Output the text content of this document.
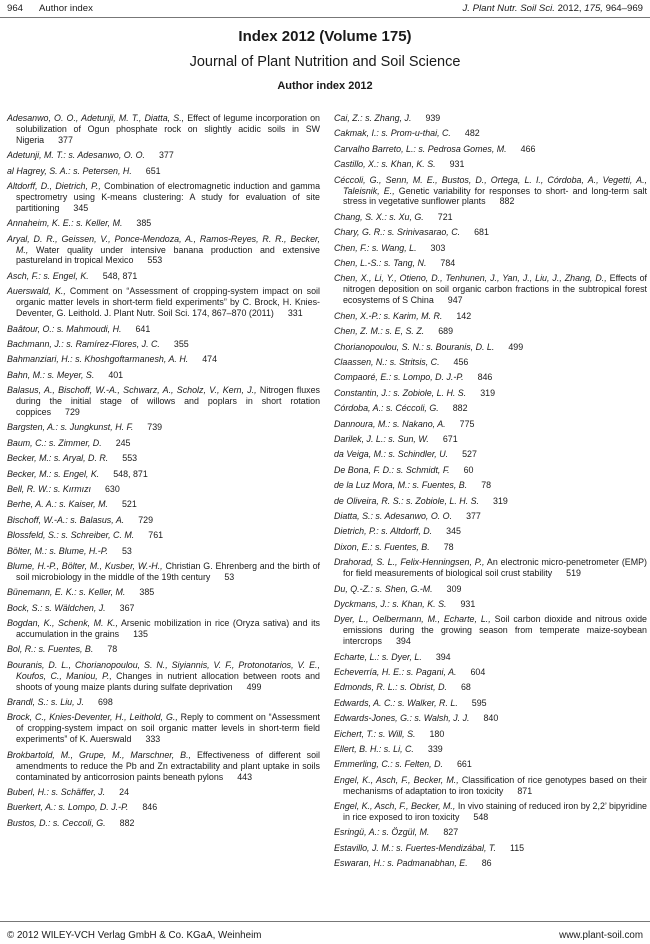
964 Author index	J. Plant Nutr. Soil Sci. 2012, 175, 964–969
Index 2012 (Volume 175)
Journal of Plant Nutrition and Soil Science
Author index 2012
Adesanwo, O. O., Adetunji, M. T., Diatta, S., Effect of legume incorporation on solubilization of Ogun phosphate rock on slightly acidic soils in SW Nigeria 377
Adetunji, M. T.: s. Adesanwo, O. O. 377
al Hagrey, S. A.: s. Petersen, H. 651
Altdorff, D., Dietrich, P., Combination of electromagnetic induction and gamma spectrometry using K-means clustering: A study for evaluation of site partitioning 345
Annaheim, K. E.: s. Keller, M. 385
Aryal, D. R., Geissen, V., Ponce-Mendoza, A., Ramos-Reyes, R. R., Becker, M., Water quality under intensive banana production and extensive pastureland in tropical Mexico 553
Asch, F.: s. Engel, K. 548, 871
Auerswald, K., Comment on “Assessment of cropping-system impact on soil organic matter levels in short-term field experiments” by C. Brock, H. Knies-Deventer, G. Leithold. J. Plant Nutr. Soil Sci. 174, 867–870 (2011) 331
Baâtour, O.: s. Mahmoudi, H. 641
Bachmann, J.: s. Ramírez-Flores, J. C. 355
Bahmanziari, H.: s. Khoshgoftarmanesh, A. H. 474
Bahn, M.: s. Meyer, S. 401
Balasus, A., Bischoff, W.-A., Schwarz, A., Scholz, V., Kern, J., Nitrogen fluxes during the initial stage of willows and poplars in short rotation coppices 729
Bargsten, A.: s. Jungkunst, H. F. 739
Baum, C.: s. Zimmer, D. 245
Becker, M.: s. Aryal, D. R. 553
Becker, M.: s. Engel, K. 548, 871
Bell, R. W.: s. Kırmızı 630
Berhe, A. A.: s. Kaiser, M. 521
Bischoff, W.-A.: s. Balasus, A. 729
Blossfeld, S.: s. Schreiber, C. M. 761
Bölter, M.: s. Blume, H.-P. 53
Blume, H.-P., Bölter, M., Kusber, W.-H., Christian G. Ehrenberg and the birth of soil microbiology in the middle of the 19th century 53
Bünemann, E. K.: s. Keller, M. 385
Bock, S.: s. Wäldchen, J. 367
Bogdan, K., Schenk, M. K., Arsenic mobilization in rice (Oryza sativa) and its accumulation in the grains 135
Bol, R.: s. Fuentes, B. 78
Bouranis, D. L., Chorianopoulou, S. N., Siyiannis, V. F., Protonotarios, V. E., Koufos, C., Maniou, P., Changes in nutrient allocation between roots and shoots of young maize plants during sulfate deprivation 499
Brandl, S.: s. Liu, J. 698
Brock, C., Knies-Deventer, H., Leithold, G., Reply to comment on “Assessment of cropping-system impact on soil organic matter levels in short-term field experiments” of K. Auerswald 333
Brokbartold, M., Grupe, M., Marschner, B., Effectiveness of different soil amendments to reduce the Pb and Zn extractability and plant uptake in soils contaminated by anticorrosion paints beneath pylons 443
Buberl, H.: s. Schäffer, J. 24
Buerkert, A.: s. Lompo, D. J.-P. 846
Bustos, D.: s. Ceccoli, G. 882
Cai, Z.: s. Zhang, J. 939
Cakmak, I.: s. Prom-u-thai, C. 482
Carvalho Barreto, L.: s. Pedrosa Gomes, M. 466
Castillo, X.: s. Khan, K. S. 931
Céccoli, G., Senn, M. E., Bustos, D., Ortega, L. I., Córdoba, A., Vegetti, A., Taleisnik, E., Genetic variability for responses to short- and long-term salt stress in vegetative sunflower plants 882
Chang, S. X.: s. Xu, G. 721
Chary, G. R.: s. Srinivasarao, C. 681
Chen, F.: s. Wang, L. 303
Chen, L.-S.: s. Tang, N. 784
Chen, X., Li, Y., Otieno, D., Tenhunen, J., Yan, J., Liu, J., Zhang, D., Effects of nitrogen deposition on soil organic carbon fractions in the subtropical forest ecosystems of S China 947
Chen, X.-P.: s. Karim, M. R. 142
Chen, Z. M.: s. E, S. Z. 689
Chorianopoulou, S. N.: s. Bouranis, D. L. 499
Claassen, N.: s. Stritsis, C. 456
Compaoré, E.: s. Lompo, D. J.-P. 846
Constantin, J.: s. Zobiole, L. H. S. 319
Córdoba, A.: s. Céccoli, G. 882
Dannoura, M.: s. Nakano, A. 775
Darilek, J. L.: s. Sun, W. 671
da Veiga, M.: s. Schindler, U. 527
De Bona, F. D.: s. Schmidt, F. 60
de la Luz Mora, M.: s. Fuentes, B. 78
de Oliveira, R. S.: s. Zobiole, L. H. S. 319
Diatta, S.: s. Adesanwo, O. O. 377
Dietrich, P.: s. Altdorff, D. 345
Dixon, E.: s. Fuentes, B. 78
Drahorad, S. L., Felix-Henningsen, P., An electronic micro-penetrometer (EMP) for field measurements of biological soil crust stability 519
Du, Q.-Z.: s. Shen, G.-M. 309
Dyckmans, J.: s. Khan, K. S. 931
Dyer, L., Oelbermann, M., Echarte, L., Soil carbon dioxide and nitrous oxide emissions during the growing season from temperate maize-soybean intercrops 394
Echarte, L.: s. Dyer, L. 394
Echeverría, H. E.: s. Pagani, A. 604
Edmonds, R. L.: s. Obrist, D. 68
Edwards, A. C.: s. Walker, R. L. 595
Edwards-Jones, G.: s. Walsh, J. J. 840
Eichert, T.: s. Will, S. 180
Ellert, B. H.: s. Li, C. 339
Emmerling, C.: s. Felten, D. 661
Engel, K., Asch, F., Becker, M., Classification of rice genotypes based on their mechanisms of adaptation to iron toxicity 871
Engel, K., Asch, F., Becker, M., In vivo staining of reduced iron by 2,2’ bipyridine in rice exposed to iron toxicity 548
Esringü, A.: s. Özgül, M. 827
Estavillo, J. M.: s. Fuertes-Mendizábal, T. 115
Eswaran, H.: s. Padmanabhan, E. 86
© 2012 WILEY-VCH Verlag GmbH & Co. KGaA, Weinheim	www.plant-soil.com
